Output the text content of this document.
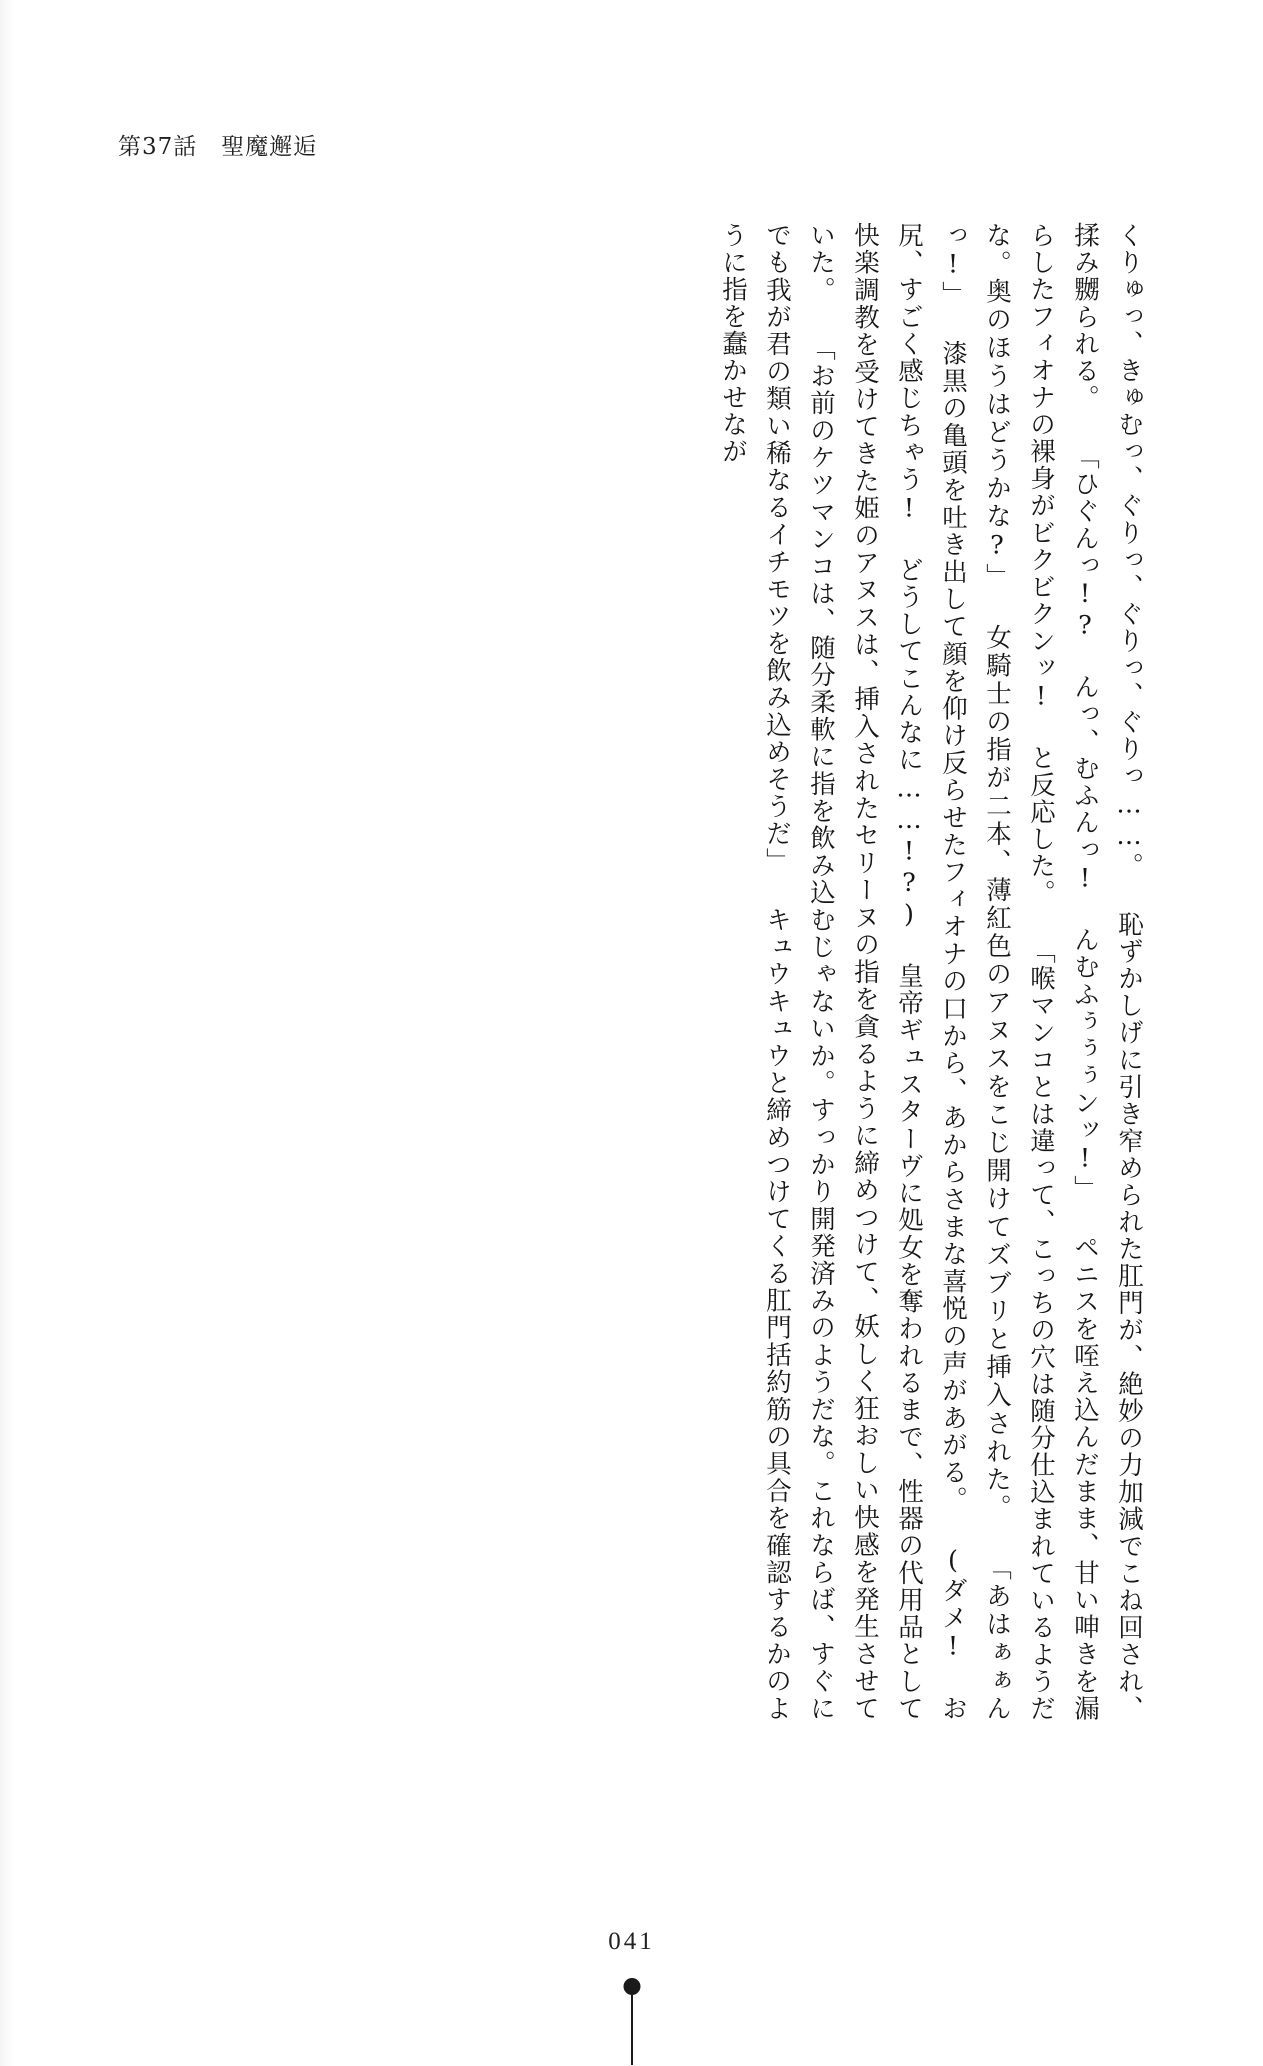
第37話　聖魔邂逅

くりゅっ、きゅむっ、ぐりっ、ぐりっ、ぐりっ……。 恥ずかしげに引き窄められた肛門が、絶妙の力加減でこね回され、揉み嬲られる。 「ひぐんっ!? んっ、むふんっ! んむふぅぅぅンッ!」 ペニスを咥え込んだまま、甘い呻きを漏らしたフィオナの裸身がビクビクンッ! と反応した。 「喉マンコとは違って、こっちの穴は随分仕込まれているようだな。奥のほうはどうかな?」 女騎士の指が二本、薄紅色のアヌスをこじ開けてズブリと挿入された。 「あはぁぁんっ!」 漆黒の亀頭を吐き出して顔を仰け反らせたフィオナの口から、あからさまな喜悦の声があがる。 (ダメ! お尻、すごく感じちゃう! どうしてこんなに……!?) 皇帝ギュスターヴに処女を奪われるまで、性器の代用品として快楽調教を受けてきた姫のアヌスは、挿入されたセリーヌの指を貪るように締めつけて、妖しく狂おしい快感を発生させていた。 「お前のケツマンコは、随分柔軟に指を飲み込むじゃないか。すっかり開発済みのようだな。これならば、すぐにでも我が君の類い稀なるイチモツを飲み込めそうだ」 キュウキュウと締めつけてくる肛門括約筋の具合を確認するかのように指を蠢かせなが

041
